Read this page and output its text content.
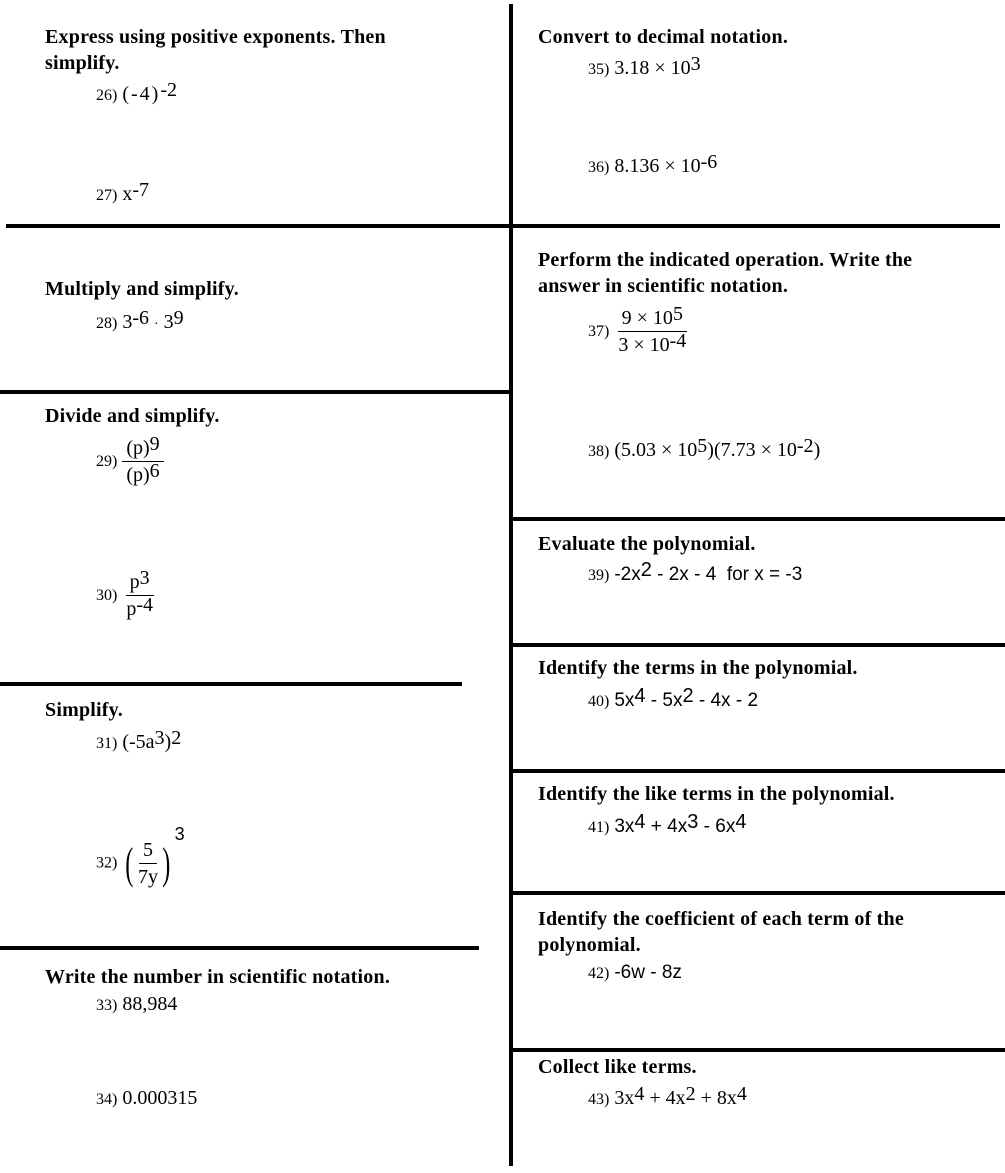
Express using positive exponents. Then simplify.

26) $(-4)^{-2}$
27) $x^{-7}$

Multiply and simplify.

28) $3^{-6} \cdot 3^9$

Divide and simplify.

$29) \frac{(p)^9}{(p)^6}$
$30) \frac{p^3}{p^{-4}}$

Simplify.

31) $(-5a^3)^2$
32) ( $\frac{5}{7y}$ ) 3

Write the number in scientific notation.

33) 88,984
34) 0.000315

Convert to decimal notation.

35) $3.18 \times 10^3$
36) $8.136 \times 10^{-6}$

Perform the indicated operation. Write the answer in scientific notation.

$37) \frac{9 \times 10^5}{3 \times 10^{-4}}$
38) $(5.03 \times 10^5)(7.73 \times 10^{-2})$

Evaluate the polynomial.

39) $-2x^2 - 2x - 4$  for x = -3

Identify the terms in the polynomial.

40) $5x^4 - 5x^2 - 4x - 2$

Identify the like terms in the polynomial.

41) $3x^4 + 4x^3 - 6x^4$

Identify the coefficient of each term of the polynomial.

42) -6w - 8z

Collect like terms.

43) $3x^4 + 4x^2 + 8x^4$
